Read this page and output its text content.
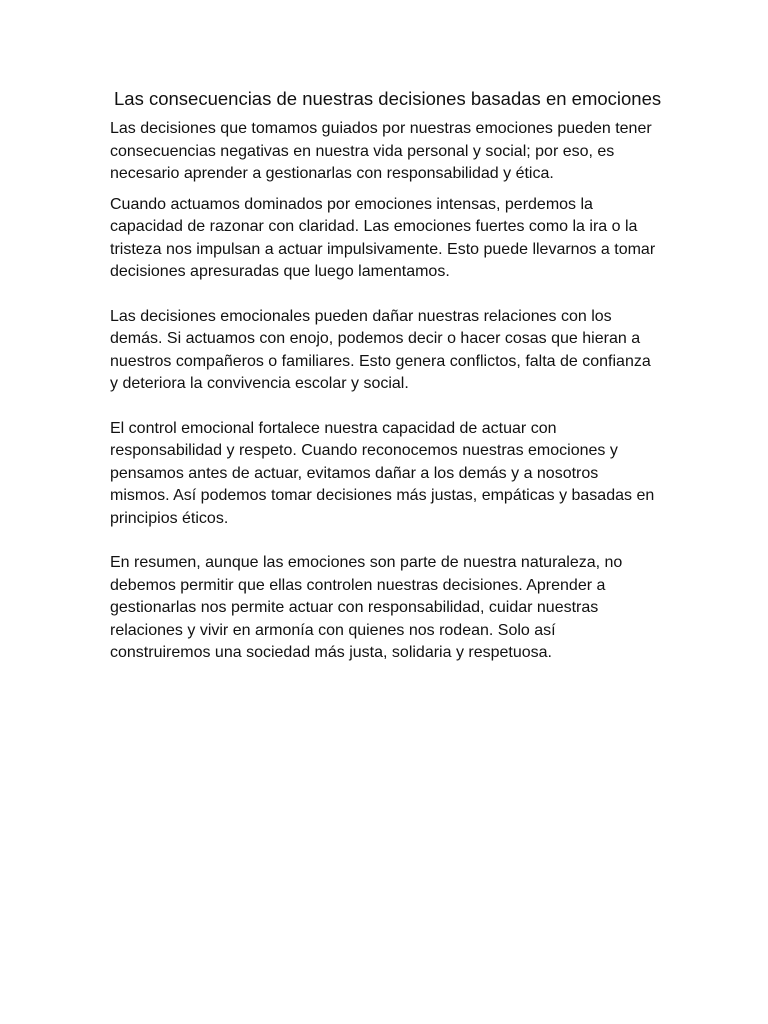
Las consecuencias de nuestras decisiones basadas en emociones

Las decisiones que tomamos guiados por nuestras emociones pueden tener consecuencias negativas en nuestra vida personal y social; por eso, es necesario aprender a gestionarlas con responsabilidad y ética.

Cuando actuamos dominados por emociones intensas, perdemos la capacidad de razonar con claridad. Las emociones fuertes como la ira o la tristeza nos impulsan a actuar impulsivamente. Esto puede llevarnos a tomar decisiones apresuradas que luego lamentamos.

Las decisiones emocionales pueden dañar nuestras relaciones con los demás. Si actuamos con enojo, podemos decir o hacer cosas que hieran a nuestros compañeros o familiares. Esto genera conflictos, falta de confianza y deteriora la convivencia escolar y social.

El control emocional fortalece nuestra capacidad de actuar con responsabilidad y respeto. Cuando reconocemos nuestras emociones y pensamos antes de actuar, evitamos dañar a los demás y a nosotros mismos. Así podemos tomar decisiones más justas, empáticas y basadas en principios éticos.

En resumen, aunque las emociones son parte de nuestra naturaleza, no debemos permitir que ellas controlen nuestras decisiones. Aprender a gestionarlas nos permite actuar con responsabilidad, cuidar nuestras relaciones y vivir en armonía con quienes nos rodean. Solo así construiremos una sociedad más justa, solidaria y respetuosa.
